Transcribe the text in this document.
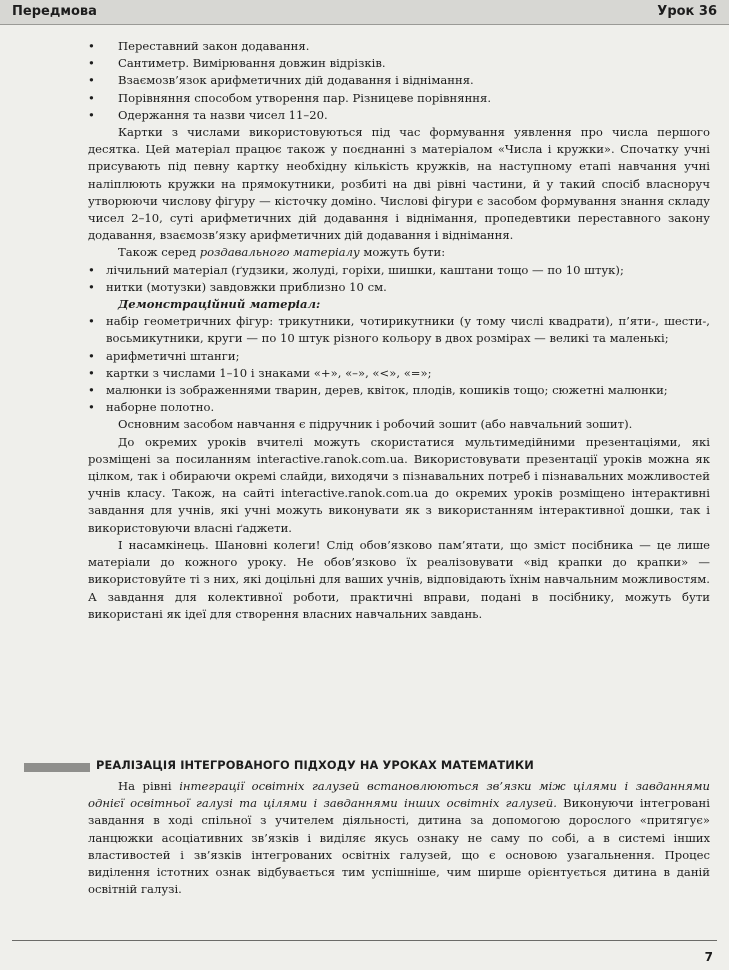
Передмова	Урок 36
• Переставний закон додавання.
• Сантиметр. Вимірювання довжин відрізків.
• Взаємозв’язок арифметичних дій додавання і віднімання.
• Порівняння способом утворення пар. Різницеве порівняння.
• Одержання та назви чисел 11–20.

Картки з числами використовуються під час формування уявлення про числа першого десятка. Цей матеріал працює також у поєднанні з матеріалом «Числа і кружки». Спочатку учні присувають під певну картку необхідну кількість кружків, на наступному етапі навчання учні наліплюють кружки на прямокутники, розбиті на дві рівні частини, й у такий спосіб власноруч утворюючи числову фігуру — кісточку доміно. Числові фігури є засобом формування знання складу чисел 2–10, суті арифметичних дій додавання і віднімання, пропедевтики переставного закону додавання, взаємозв’язку арифметичних дій додавання і віднімання.

Також серед роздавального матеріалу можуть бути:

• лічильний матеріал (ґудзики, жолуді, горіхи, шишки, каштани тощо — по 10 штук);
• нитки (мотузки) завдовжки приблизно 10 см.
Демонстраційний матеріал:
• набір геометричних фігур: трикутники, чотирикутники (у тому числі квадрати), п’яти-, шести-, восьмикутники, круги — по 10 штук різного кольору в двох розмірах — великі та маленькі;
• арифметичні штанги;
• картки з числами 1–10 і знаками «+», «–», «<», «=»;
• малюнки із зображеннями тварин, дерев, квіток, плодів, кошиків тощо; сюжетні малюнки;
• наборне полотно.

Основним засобом навчання є підручник і робочий зошит (або навчальний зошит).

До окремих уроків вчителі можуть скористатися мультимедійними презентаціями, які розміщені за посиланням interactive.ranok.com.ua. Використовувати презентації уроків можна як цілком, так і обираючи окремі слайди, виходячи з пізнавальних потреб і пізнавальних можливостей учнів класу. Також, на сайті interactive.ranok.com.ua до окремих уроків розміщено інтерактивні завдання для учнів, які учні можуть виконувати як з використанням інтерактивної дошки, так і використовуючи власні ґаджети.

І насамкінець. Шановні колеги! Слід обов’язково пам’ятати, що зміст посібника — це лише матеріали до кожного уроку. Не обов’язково їх реалізовувати «від крапки до крапки» — використовуйте ті з них, які доцільні для ваших учнів, відповідають їхнім навчальним можливостям. А завдання для колективної роботи, практичні вправи, подані в посібнику, можуть бути використані як ідеї для створення власних навчальних завдань.

РЕАЛІЗАЦІЯ ІНТЕГРОВАНОГО ПІДХОДУ НА УРОКАХ МАТЕМАТИКИ

На рівні інтеграції освітніх галузей встановлюються зв’язки між цілями і завданнями однієї освітньої галузі та цілями і завданнями інших освітніх галузей. Виконуючи інтегровані завдання в ході спільної з учителем діяльності, дитина за допомогою дорослого «притягує» ланцюжки асоціативних зв’язків і виділяє якусь ознаку не саму по собі, а в системі інших властивостей і зв’язків інтегрованих освітніх галузей, що є основою узагальнення. Процес виділення істотних ознак відбувається тим успішніше, чим ширше орієнтується дитина в даній освітній галузі.

7
